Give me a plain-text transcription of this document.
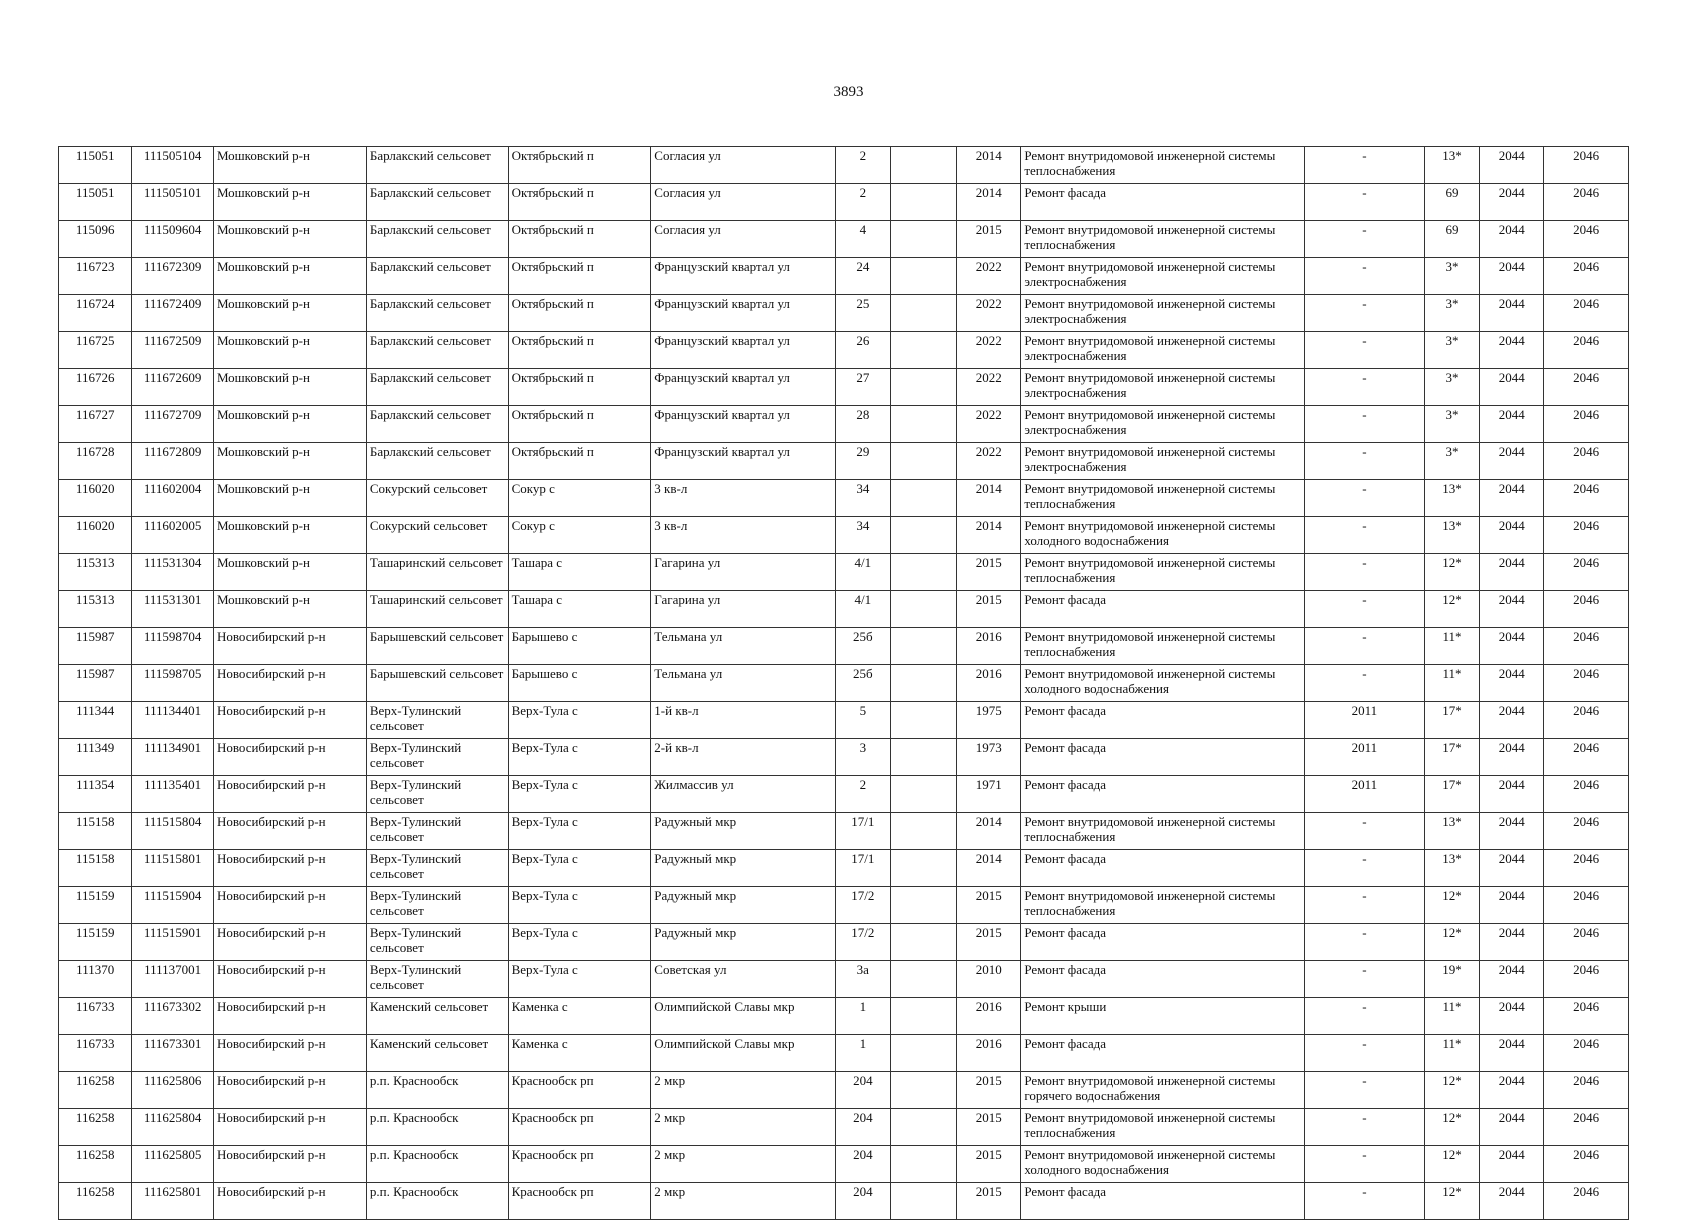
3893
115051	111505104	Мошковский р-н	Барлакский сельсовет	Октябрьский п	Согласия ул	2		2014	Ремонт внутридомовой инженерной системы теплоснабжения	-	13*	2044	2046
115051	111505101	Мошковский р-н	Барлакский сельсовет	Октябрьский п	Согласия ул	2		2014	Ремонт фасада	-	69	2044	2046
115096	111509604	Мошковский р-н	Барлакский сельсовет	Октябрьский п	Согласия ул	4		2015	Ремонт внутридомовой инженерной системы теплоснабжения	-	69	2044	2046
116723	111672309	Мошковский р-н	Барлакский сельсовет	Октябрьский п	Французский квартал ул	24		2022	Ремонт внутридомовой инженерной системы электроснабжения	-	3*	2044	2046
116724	111672409	Мошковский р-н	Барлакский сельсовет	Октябрьский п	Французский квартал ул	25		2022	Ремонт внутридомовой инженерной системы электроснабжения	-	3*	2044	2046
116725	111672509	Мошковский р-н	Барлакский сельсовет	Октябрьский п	Французский квартал ул	26		2022	Ремонт внутридомовой инженерной системы электроснабжения	-	3*	2044	2046
116726	111672609	Мошковский р-н	Барлакский сельсовет	Октябрьский п	Французский квартал ул	27		2022	Ремонт внутридомовой инженерной системы электроснабжения	-	3*	2044	2046
116727	111672709	Мошковский р-н	Барлакский сельсовет	Октябрьский п	Французский квартал ул	28		2022	Ремонт внутридомовой инженерной системы электроснабжения	-	3*	2044	2046
116728	111672809	Мошковский р-н	Барлакский сельсовет	Октябрьский п	Французский квартал ул	29		2022	Ремонт внутридомовой инженерной системы электроснабжения	-	3*	2044	2046
116020	111602004	Мошковский р-н	Сокурский сельсовет	Сокур с	3 кв-л	34		2014	Ремонт внутридомовой инженерной системы теплоснабжения	-	13*	2044	2046
116020	111602005	Мошковский р-н	Сокурский сельсовет	Сокур с	3 кв-л	34		2014	Ремонт внутридомовой инженерной системы холодного водоснабжения	-	13*	2044	2046
115313	111531304	Мошковский р-н	Ташаринский сельсовет	Ташара с	Гагарина ул	4/1		2015	Ремонт внутридомовой инженерной системы теплоснабжения	-	12*	2044	2046
115313	111531301	Мошковский р-н	Ташаринский сельсовет	Ташара с	Гагарина ул	4/1		2015	Ремонт фасада	-	12*	2044	2046
115987	111598704	Новосибирский р-н	Барышевский сельсовет	Барышево с	Тельмана ул	25б		2016	Ремонт внутридомовой инженерной системы теплоснабжения	-	11*	2044	2046
115987	111598705	Новосибирский р-н	Барышевский сельсовет	Барышево с	Тельмана ул	25б		2016	Ремонт внутридомовой инженерной системы холодного водоснабжения	-	11*	2044	2046
111344	111134401	Новосибирский р-н	Верх-Тулинский сельсовет	Верх-Тула с	1-й кв-л	5		1975	Ремонт фасада	2011	17*	2044	2046
111349	111134901	Новосибирский р-н	Верх-Тулинский сельсовет	Верх-Тула с	2-й кв-л	3		1973	Ремонт фасада	2011	17*	2044	2046
111354	111135401	Новосибирский р-н	Верх-Тулинский сельсовет	Верх-Тула с	Жилмассив ул	2		1971	Ремонт фасада	2011	17*	2044	2046
115158	111515804	Новосибирский р-н	Верх-Тулинский сельсовет	Верх-Тула с	Радужный мкр	17/1		2014	Ремонт внутридомовой инженерной системы теплоснабжения	-	13*	2044	2046
115158	111515801	Новосибирский р-н	Верх-Тулинский сельсовет	Верх-Тула с	Радужный мкр	17/1		2014	Ремонт фасада	-	13*	2044	2046
115159	111515904	Новосибирский р-н	Верх-Тулинский сельсовет	Верх-Тула с	Радужный мкр	17/2		2015	Ремонт внутридомовой инженерной системы теплоснабжения	-	12*	2044	2046
115159	111515901	Новосибирский р-н	Верх-Тулинский сельсовет	Верх-Тула с	Радужный мкр	17/2		2015	Ремонт фасада	-	12*	2044	2046
111370	111137001	Новосибирский р-н	Верх-Тулинский сельсовет	Верх-Тула с	Советская ул	3а		2010	Ремонт фасада	-	19*	2044	2046
116733	111673302	Новосибирский р-н	Каменский сельсовет	Каменка с	Олимпийской Славы мкр	1		2016	Ремонт крыши	-	11*	2044	2046
116733	111673301	Новосибирский р-н	Каменский сельсовет	Каменка с	Олимпийской Славы мкр	1		2016	Ремонт фасада	-	11*	2044	2046
116258	111625806	Новосибирский р-н	р.п. Краснообск	Краснообск рп	2 мкр	204		2015	Ремонт внутридомовой инженерной системы горячего водоснабжения	-	12*	2044	2046
116258	111625804	Новосибирский р-н	р.п. Краснообск	Краснообск рп	2 мкр	204		2015	Ремонт внутридомовой инженерной системы теплоснабжения	-	12*	2044	2046
116258	111625805	Новосибирский р-н	р.п. Краснообск	Краснообск рп	2 мкр	204		2015	Ремонт внутридомовой инженерной системы холодного водоснабжения	-	12*	2044	2046
116258	111625801	Новосибирский р-н	р.п. Краснообск	Краснообск рп	2 мкр	204		2015	Ремонт фасада	-	12*	2044	2046
